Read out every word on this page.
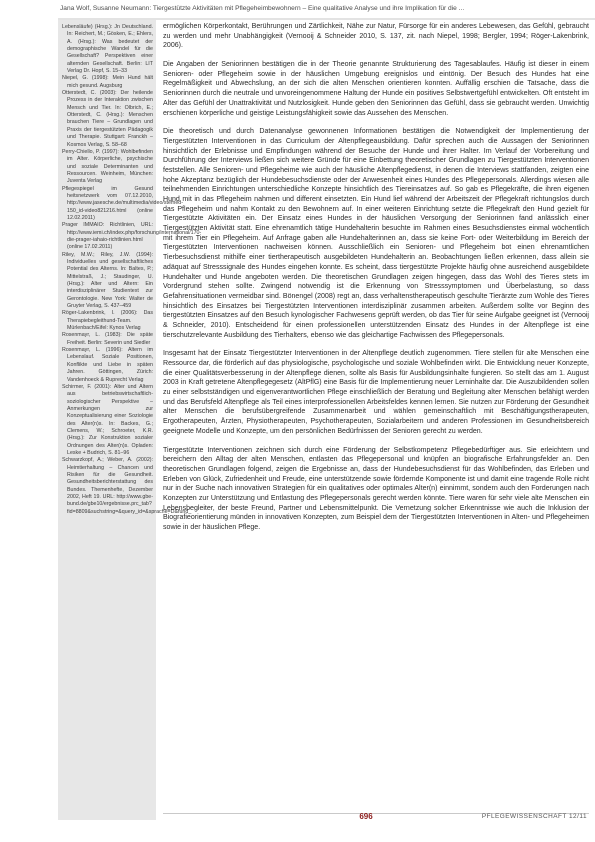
Jana Wolf, Susanne Neumann: Tiergestützte Aktivitäten mit Pflegeheimbewohnern – Eine qualitative Analyse und ihre Implikation für die ...

Lebensläufe) (Hrsg.): Jn Deutschland. In: Reichert, M.; Gösken, E.; Ehlers, A. (Hrsg.): Was bedeutet der demographische Wandel für die Gesellschaft? Perspektiven einer alternden Gesellschaft. Berlin: LIT Verlag Dr. Hopf, S. 15–33

Niepel, G. (1998): Mein Hund hält mich gesund. Augsburg

Otterstedt, C. (2003): Der heilende Prozess in der Interaktion zwischen Mensch und Tier. In: Olbrich, E.; Otterstedt, C. (Hrsg.): Menschen brauchen Tiere – Grundlagen und Praxis der tiergestützten Pädagogik und Therapie. Stuttgart: Franckh – Kosmos Verlag, S. 58–68

Perry-Chiello, P. (1997): Wohlbefinden im Alter. Körperliche, psychische und soziale Determinanten und Ressourcen. Weinheim, München: Juventa Verlag

Pflegespiegel im Gesund heitsnetzwerk vom 07.12.2010, http://www.jasesche.de/multimedia/video/stemed-150_id-video821216.html (online 12.02.2011)

Prager IMMAIO: Richtlinien, URL: http://www.iemi.ch/index.php/forschung/international/170-die-prager-iahaio-richtlinien.html (online 17.02.2011)

Riley, M.W.; Riley, J.W. (1994): Individuelles und gesellschaftliches Potential des Alterns. In: Baltes, P.; Mittelstraß, J.; Staudinger, U. (Hrsg.): Alter und Altern: Ein interdisziplinärer Studientext zur Gerontologie. New York: Walter de Gruyter Verlag, S. 437–459

Röger-Lakenbrink, I. (2006): Das Therapiebegleithund-Team. Mürlenbach/Eifel: Kynos Verlag

Rosenmayr, L. (1983): Die späte Freiheit. Berlin: Severin und Siedler

Rosenmayr, L. (1996): Altern im Lebenslauf. Soziale Positionen, Konflikte und Liebe in späten Jahren. Göttingen, Zürich: Vandenhoeck & Ruprecht Verlag

Schirmer, F. (2001): Alter und Altern aus betriebswirtschaftlich-soziologischer Perspektive – Anmerkungen zur Konzeptualisierung einer Soziologie des Alter(n)s. In: Backes, G.; Clemens, W.; Schroeter, K.R. (Hrsg.): Zur Konstruktion sozialer Ordnungen des Alter(n)s. Opladen: Leske + Budrich, S. 81–96

Schwarzkopf, A.; Weber, A. (2002): Heimtierhaltung – Chancen und Risiken für die Gesundheit. Gesundheitsberichterstattung des Bundes. Themenhefte, Dezember 2002, Heft 19. URL: http://www.gbe-bund.de/gbe10/ergebnisse.prc_tab?fid=8809&suchstring=&query_id=&sprache=D&fund_

ermöglichen Körperkontakt, Berührungen und Zärtlichkeit, Nähe zur Natur, Fürsorge für ein anderes Lebewesen, das Gefühl, gebraucht zu werden und mehr Unabhängigkeit (Vernooij & Schneider 2010, S. 137, zit. nach Niepel, 1998; Bergler, 1994; Röger-Lakenbrink, 2006).

Die Angaben der Seniorinnen bestätigen die in der Theorie genannte Strukturierung des Tagesablaufes. Häufig ist dieser in einem Senioren- oder Pflegeheim sowie in der häuslichen Umgebung ereignislos und eintönig. Der Besuch des Hundes hat eine Regelmäßigkeit und Abwechslung, an der sich die alten Menschen orientieren konnten. Auffällig erschien die Tatsache, dass die Seniorinnen durch die neutrale und unvoreingenommene Haltung der Hunde ein positives Selbstwertgefühl entwickelten. Oft entsteht im Alter das Gefühl der Unattraktivität und Nutzlosigkeit. Hunde geben den Seniorinnen das Gefühl, dass sie gebraucht werden. Unwichtig erschienen körperliche und geistige Leistungsfähigkeit sowie das Aussehen des Menschen.

Die theoretisch und durch Datenanalyse gewonnenen Informationen bestätigen die Notwendigkeit der Implementierung der Tiergestützten Interventionen in das Curriculum der Altenpflegeausbildung. Dafür sprechen auch die Aussagen der Seniorinnen hinsichtlich der Erlebnisse und Empfindungen während der Besuche der Hunde und ihrer Halter. Im Verlauf der Vorbereitung und Durchführung der Interviews ließen sich weitere Gründe für eine Einbettung theoretischer Grundlagen zu Tiergestützten Interventionen feststellen. Alle Senioren- und Pflegeheime wie auch der häusliche Altenpflegedienst, in denen die Interviews stattfanden, zeigten eine hohe Akzeptanz bezüglich der Hundebesuchsdienste oder der Anwesenheit eines Hundes des Pflegepersonals. Allerdings wiesen alle teilnehmenden Einrichtungen unterschiedliche Konzepte hinsichtlich des Tiereinsatzes auf. So gab es Pflegekräfte, die ihren eigenen Hund mit in das Pflegeheim nahmen und different einsetzten. Ein Hund lief während der Arbeitszeit der Pflegekraft richtungslos durch das Pflegeheim und nahm Kontakt zu den Bewohnern auf. In einer weiteren Einrichtung setzte die Pflegekraft den Hund gezielt für Tiergestützte Aktivitäten ein. Der Einsatz eines Hundes in der häuslichen Versorgung der Seniorinnen fand anlässlich einer Tiergestützten Aktivität statt. Eine ehrenamtlich tätige Hundehalterin besuchte im Rahmen eines Besuchsdienstes einmal wöchentlich mit ihrem Tier ein Pflegeheim. Auf Anfrage gaben alle Hundehalterinnen an, dass sie keine Fort- oder Weiterbildung im Bereich der Tiergestützten Interventionen nachweisen können. Ausschließlich ein Senioren- und Pflegeheim bot einen ehrenamtlichen Tierbesuchsdienst mithilfe einer tiertherapeutisch ausgebildeten Hundehalterin an. Beobachtungen ließen erkennen, dass allein sie adäquat auf Stresssignale des Hundes eingehen konnte. Es scheint, dass tiergestützte Projekte häufig ohne ausreichend ausgebildete Hundehalter und Hunde angeboten werden. Die theoretischen Grundlagen zeigen hingegen, dass das Wohl des Tieres stets im Vordergrund stehen sollte. Zwingend notwendig ist die Erkennung von Stresssymptomen und Überbelastung, so dass Gefahrensituationen vermeidbar sind. Bönengel (2008) regt an, dass verhaltenstherapeutisch geschulte Tierärzte zum Wohle des Tieres hinsichtlich des Einsatzes bei Tiergestützten Interventionen interdisziplinär zusammen arbeiten. Außerdem sollte vor Beginn des tiergestützten Einsatzes auf den Besuch kynologischer Fachwesens geprüft werden, ob das Tier für seine Aufgabe geeignet ist (Vernooij & Schneider, 2010). Entscheidend für einen professionellen unterstützenden Einsatz des Hundes in der Altenpflege ist eine tierschutzrelevante Ausbildung des Tierhalters, ebenso wie das gleichartige Fachwissen des Pflegepersonals.

Insgesamt hat der Einsatz Tiergestützter Interventionen in der Altenpflege deutlich zugenommen. Tiere stellen für alte Menschen eine Ressource dar, die förderlich auf das physiologische, psychologische und soziale Wohlbefinden wirkt. Die Entwicklung neuer Konzepte, die einer Qualitätsverbesserung in der Altenpflege dienen, sollte als Basis für Ausbildungsinhalte fungieren. So stellt das am 1. August 2003 in Kraft getretene Altenpflegegesetz (AltPflG) eine Basis für die Implementierung neuer Lerninhalte dar. Die Auszubildenden sollen zu einer selbstständigen und eigenverantwortlichen Pflege einschließlich der Beratung und Begleitung alter Menschen befähigt werden und das Berufsfeld Altenpflege als Teil eines interprofessionellen Arbeitsfeldes kennen lernen. Sie nutzen zur Förderung der Gesundheit alter Menschen die berufsübergreifende Zusammenarbeit und wählen gemeinschaftlich mit Beschäftigungstherapeuten, Ergotherapeuten, Ärzten, Physiotherapeuten, Psychotherapeuten, Sozialarbeitern und anderen Professionen im Gesundheitsbereich geeignete Modelle und Konzepte, um den persönlichen Bedürfnissen der Senioren gerecht zu werden.

Tiergestützte Interventionen zeichnen sich durch eine Förderung der Selbstkompetenz Pflegebedürftiger aus. Sie erleichtern und bereichern den Alltag der alten Menschen, entlasten das Pflegepersonal und knüpfen an biografische Erfahrungsfelder an. Den theoretischen Grundlagen folgend, zeigen die Ergebnisse an, dass der Hundebesuchsdienst für das Wohlbefinden, das Erleben und Erleben von Glück, Zufriedenheit und Freude, eine unterstützende sowie fördernde Komponente ist und damit eine tragende Rolle nicht nur in der Suche nach innovativen Strategien für ein qualitatives oder optimales Alter(n) einnimmt, sondern auch den Forderungen nach Konzepten zur Unterstützung und Entlastung des Pflegepersonals gerecht werden könnte. Tiere waren für sehr viele alte Menschen ein Lebensbegleiter, der beste Freund, Partner und Lebensmittelpunkt. Die Vernetzung solcher Erkenntnisse wie auch die Inklusion der Biografieorientierung münden in innovativen Konzepten, zum Beispiel dem der Tiergestützten Interventionen in Alten- und Pflegeheimen sowie in der häuslichen Pflege.

696	PFLEGEWISSENSCHAFT 12/11
